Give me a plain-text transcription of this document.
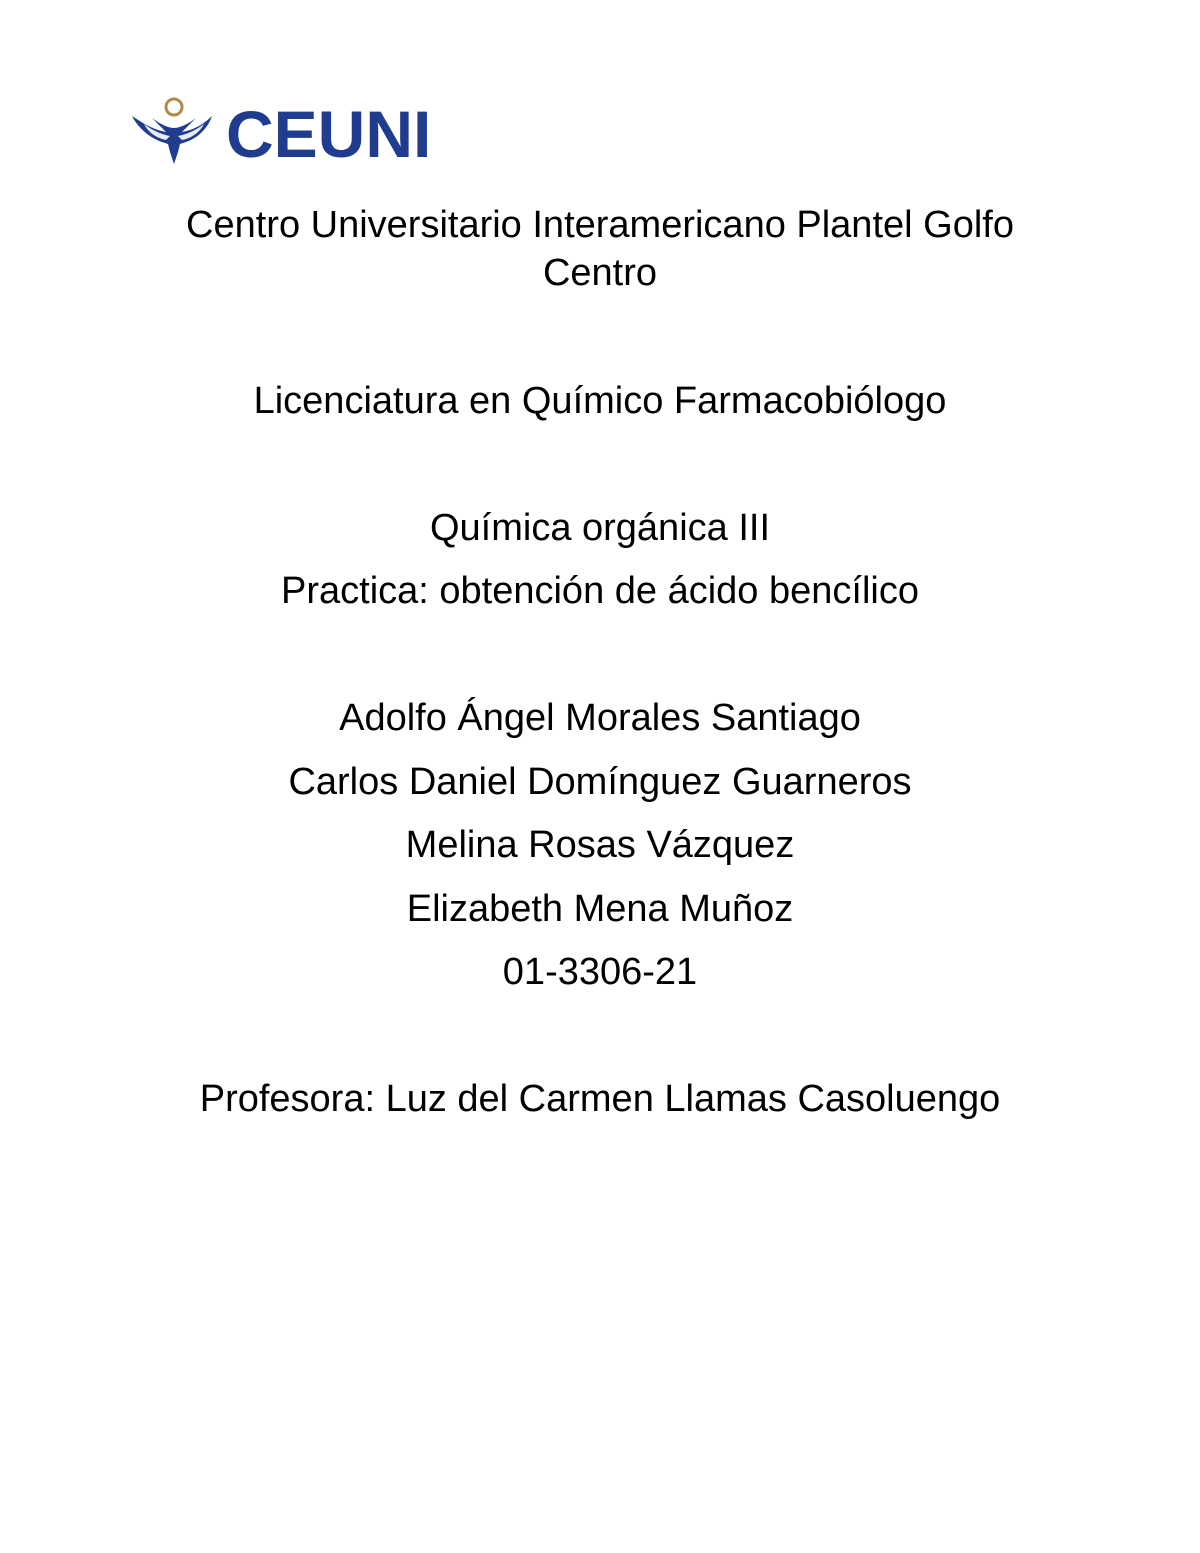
CEUNI
Centro Universitario Interamericano Plantel Golfo
Centro
Licenciatura en Químico Farmacobiólogo
Química orgánica III
Practica: obtención de ácido bencílico
Adolfo Ángel Morales Santiago
Carlos Daniel Domínguez Guarneros
Melina Rosas Vázquez
Elizabeth Mena Muñoz
01-3306-21
Profesora: Luz del Carmen Llamas Casoluengo
